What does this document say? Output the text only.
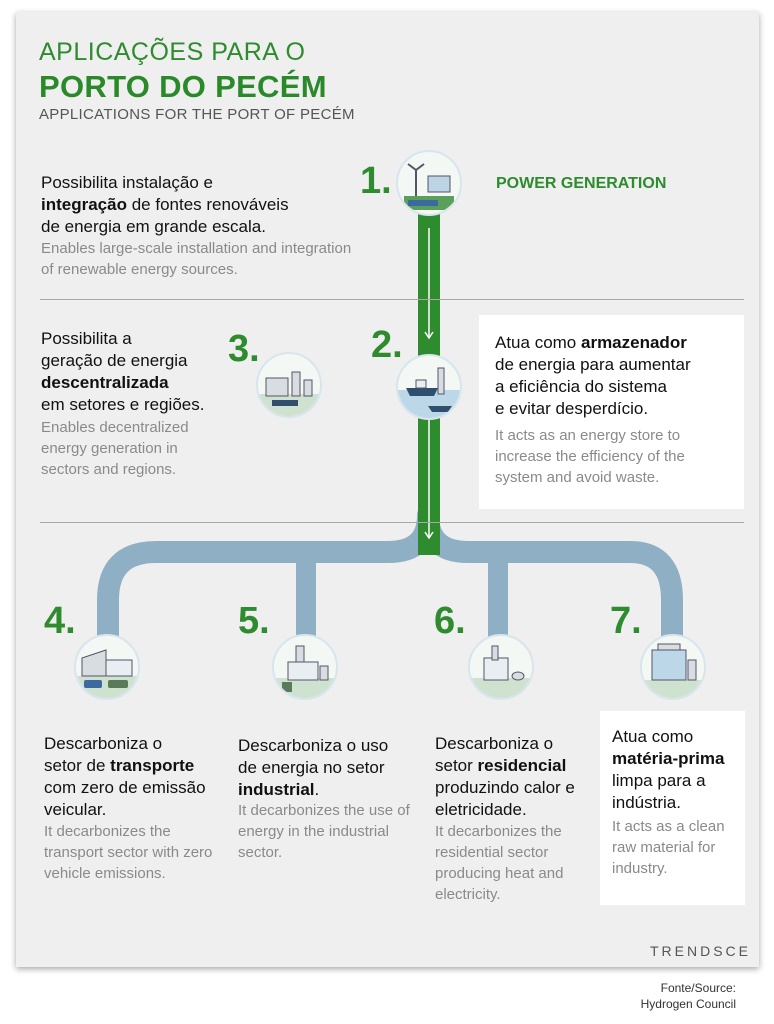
APLICAÇÕES PARA O
PORTO DO PECÉM
APPLICATIONS FOR THE PORT OF PECÉM
1.	POWER GENERATION
Possibilita instalação e
integração de fontes renováveis
de energia em grande escala.
Enables large-scale installation and integration of renewable energy sources.
2.	Atua como armazenador
de energia para aumentar
a eficiência do sistema
e evitar desperdício.
It acts as an energy store to increase the efficiency of the system and avoid waste.
3.
Possibilita a
geração de energia
descentralizada
em setores e regiões.
Enables decentralized energy generation in sectors and regions.
4.
Descarboniza o
setor de transporte
com zero de emissão
veicular.
It decarbonizes the transport sector with zero vehicle emissions.
5.
Descarboniza o uso
de energia no setor
industrial.
It decarbonizes the use of energy in the industrial sector.
6.
Descarboniza o
setor residencial
produzindo calor e
eletricidade.
It decarbonizes the residential sector producing heat and electricity.
7.
Atua como
matéria-prima
limpa para a
indústria.
It acts as a clean raw material for industry.
TRENDSCE
Fonte/Source:
Hydrogen Council
